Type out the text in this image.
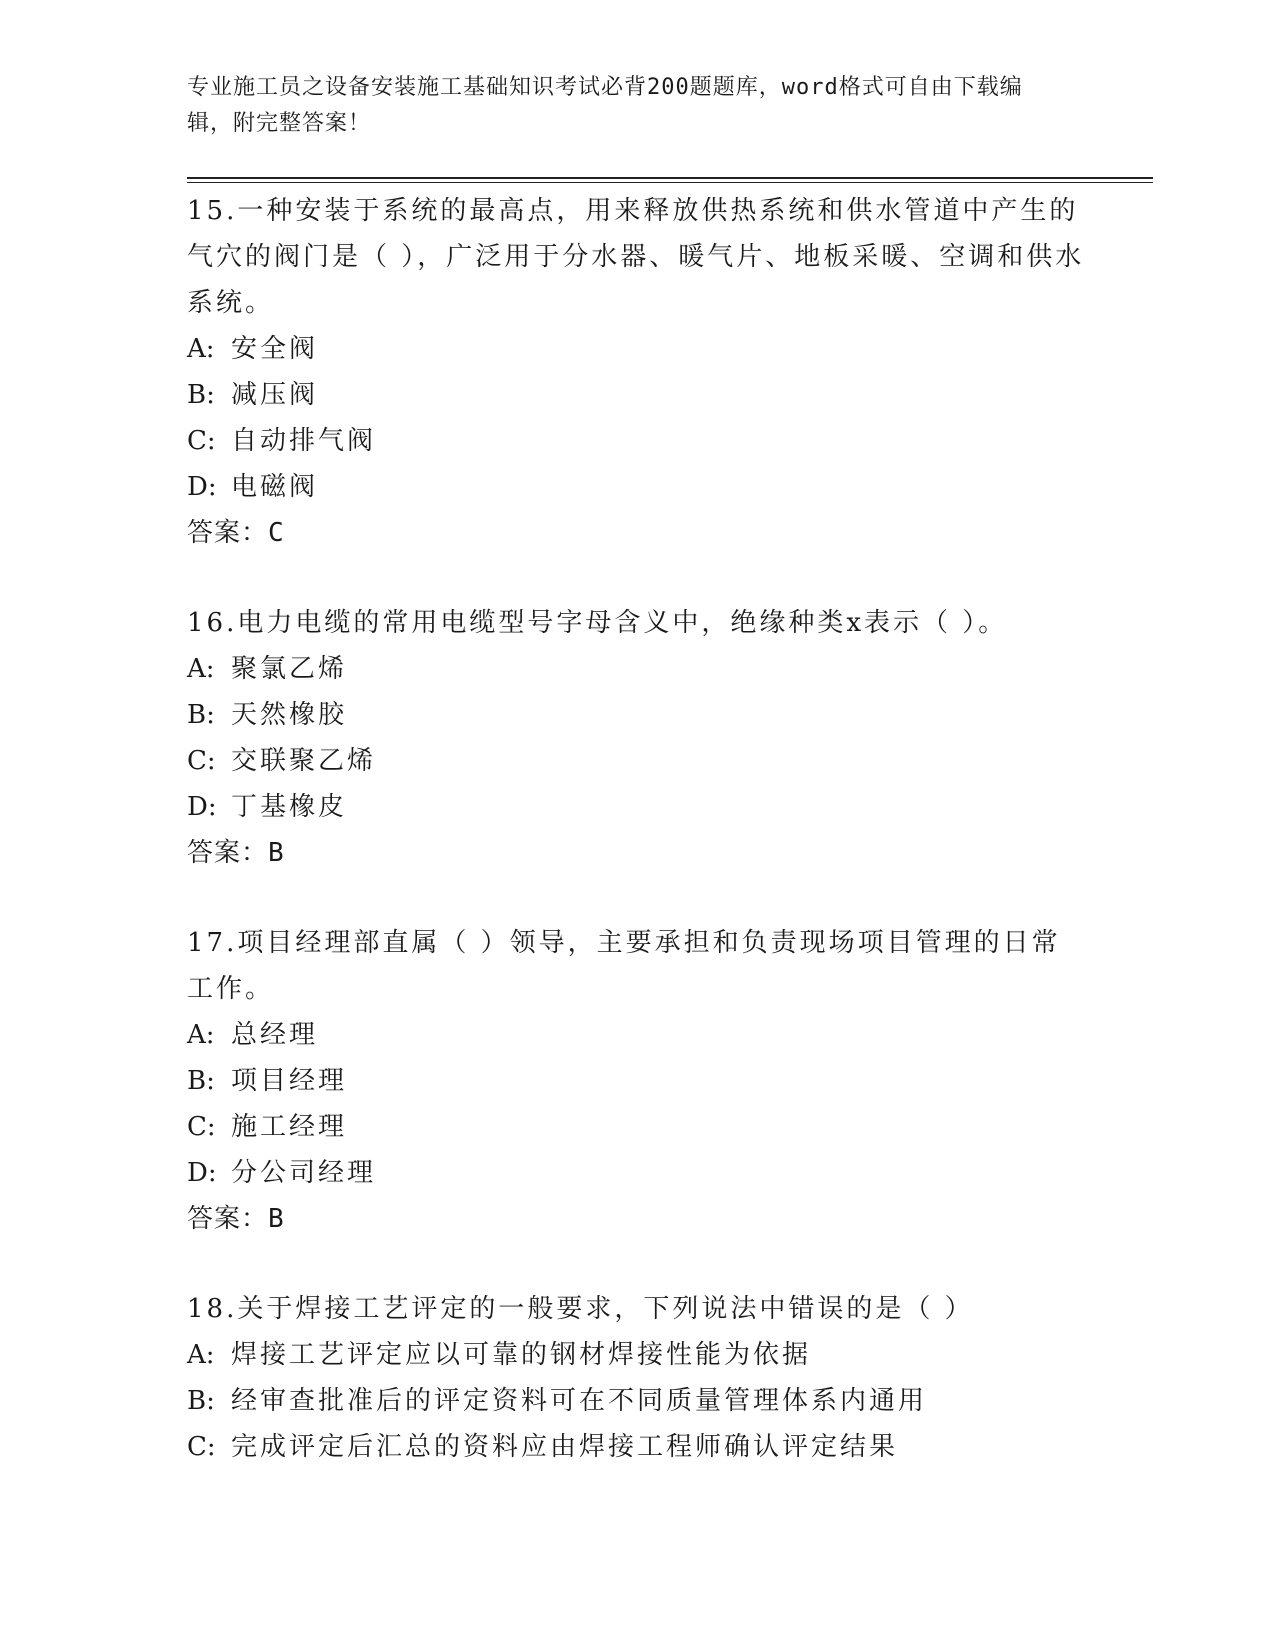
专业施工员之设备安装施工基础知识考试必背200题题库，word格式可自由下载编辑，附完整答案！
15.一种安装于系统的最高点，用来释放供热系统和供水管道中产生的气穴的阀门是（ ），广泛用于分水器、暖气片、地板采暖、空调和供水系统。
A: 安全阀
B: 减压阀
C: 自动排气阀
D: 电磁阀
答案：C
16.电力电缆的常用电缆型号字母含义中，绝缘种类x表示（ ）。
A: 聚氯乙烯
B: 天然橡胶
C: 交联聚乙烯
D: 丁基橡皮
答案：B
17.项目经理部直属（ ）领导，主要承担和负责现场项目管理的日常工作。
A: 总经理
B: 项目经理
C: 施工经理
D: 分公司经理
答案：B
18.关于焊接工艺评定的一般要求，下列说法中错误的是（ ）
A: 焊接工艺评定应以可靠的钢材焊接性能为依据
B: 经审查批准后的评定资料可在不同质量管理体系内通用
C: 完成评定后汇总的资料应由焊接工程师确认评定结果
